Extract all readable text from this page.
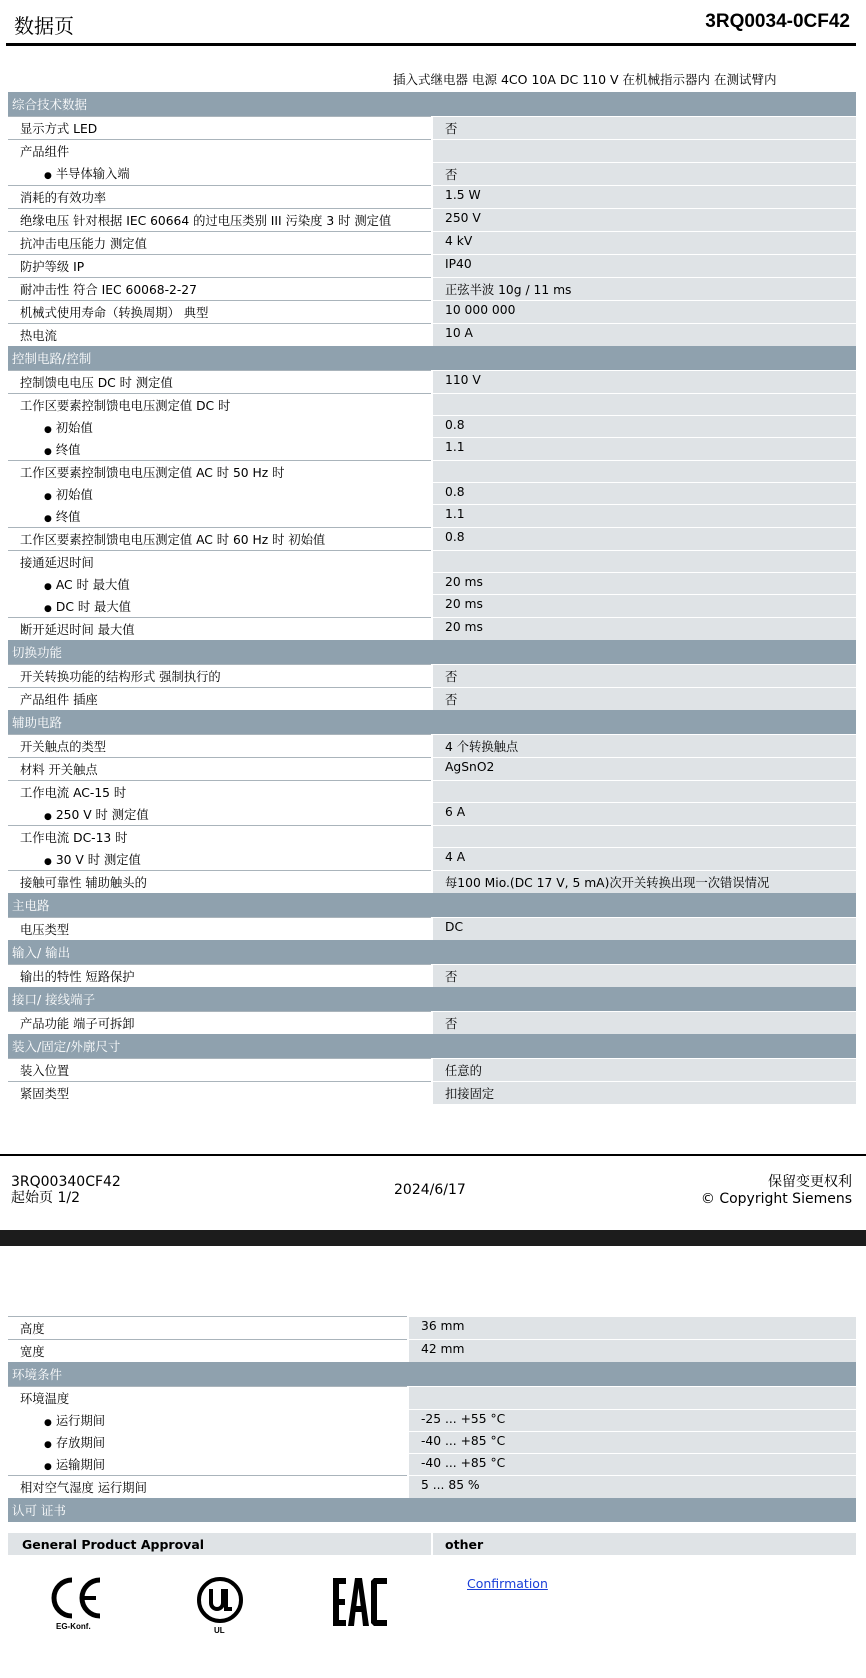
数据页	3RQ0034-0CF42
插入式继电器 电源 4CO 10A DC 110 V 在机械指示器内 在测试臂内
综合技术数据	
显示方式 LED	否
产品组件	
● 半导体输入端	否
消耗的有效功率	1.5 W
绝缘电压 针对根据 IEC 60664 的过电压类别 III 污染度 3 时 测定值	250 V
抗冲击电压能力 测定值	4 kV
防护等级 IP	IP40
耐冲击性 符合 IEC 60068-2-27	正弦半波 10g / 11 ms
机械式使用寿命（转换周期） 典型	10 000 000
热电流	10 A
控制电路/控制	
控制馈电电压 DC 时 测定值	110 V
工作区要素控制馈电电压测定值 DC 时	
● 初始值	0.8
● 终值	1.1
工作区要素控制馈电电压测定值 AC 时 50 Hz 时	
● 初始值	0.8
● 终值	1.1
工作区要素控制馈电电压测定值 AC 时 60 Hz 时 初始值	0.8
接通延迟时间	
● AC 时 最大值	20 ms
● DC 时 最大值	20 ms
断开延迟时间 最大值	20 ms
切换功能	
开关转换功能的结构形式 强制执行的	否
产品组件 插座	否
辅助电路	
开关触点的类型	4 个转换触点
材料 开关触点	AgSnO2
工作电流 AC-15 时	
● 250 V 时 测定值	6 A
工作电流 DC-13 时	
● 30 V 时 测定值	4 A
接触可靠性 辅助触头的	每100 Mio.(DC 17 V, 5 mA)次开关转换出现一次错误情况
主电路	
电压类型	DC
输入/ 输出	
输出的特性 短路保护	否
接口/ 接线端子	
产品功能 端子可拆卸	否
装入/固定/外廓尺寸	
装入位置	任意的
紧固类型	扣接固定
3RQ00340CF42
起始页 1/2	2024/6/17	保留变更权利
© Copyright Siemens
高度	36 mm
宽度	42 mm
环境条件	
环境温度	
● 运行期间	-25 ... +55 °C
● 存放期间	-40 ... +85 °C
● 运输期间	-40 ... +85 °C
相对空气湿度 运行期间	5 ... 85 %
认可 证书	
General Product Approval	other
EG-Konf.	UL
Confirmation
